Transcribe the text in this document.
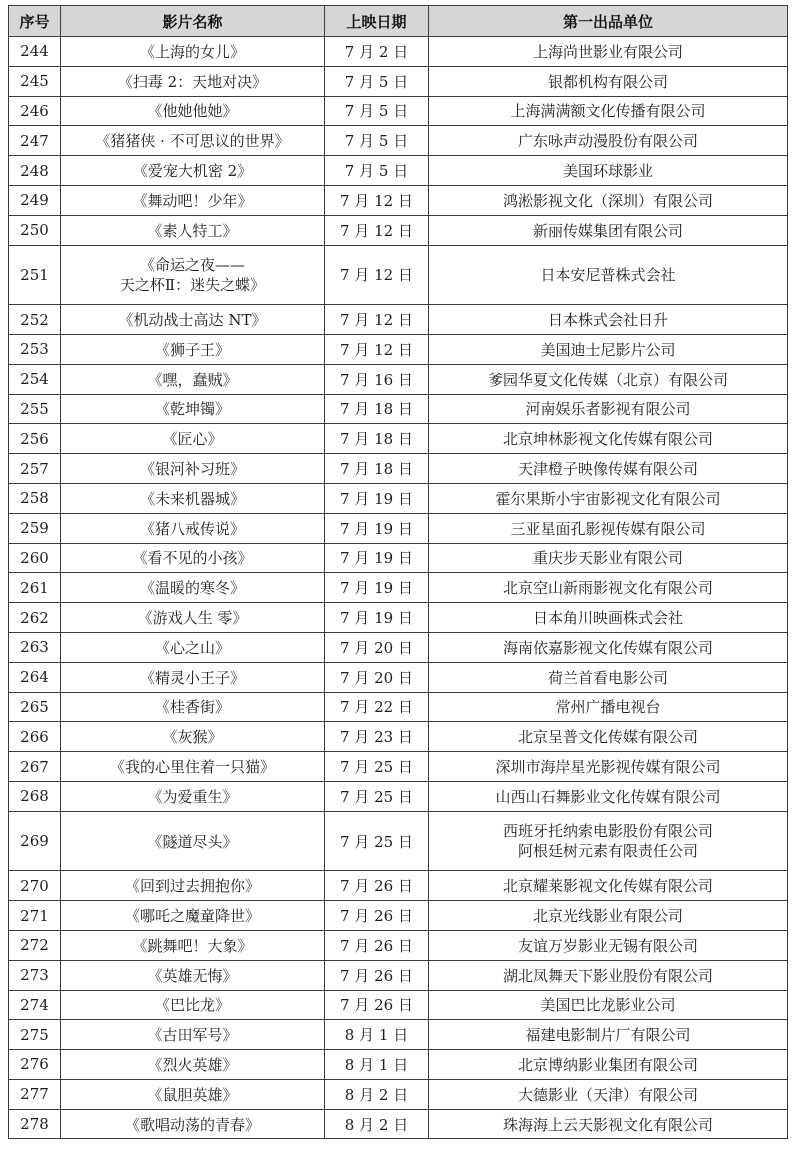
序号	影片名称	上映日期	第一出品单位
244	《上海的女儿》	7 月 2 日	上海尚世影业有限公司
245	《扫毒 2：天地对决》	7 月 5 日	银都机构有限公司
246	《他她他她》	7 月 5 日	上海满满额文化传播有限公司
247	《猪猪侠 · 不可思议的世界》	7 月 5 日	广东咏声动漫股份有限公司
248	《爱宠大机密 2》	7 月 5 日	美国环球影业
249	《舞动吧！少年》	7 月 12 日	鸿淞影视文化（深圳）有限公司
250	《素人特工》	7 月 12 日	新丽传媒集团有限公司
251	《命运之夜——
天之杯Ⅱ：迷失之蝶》	7 月 12 日	日本安尼普株式会社
252	《机动战士高达 NT》	7 月 12 日	日本株式会社日升
253	《狮子王》	7 月 12 日	美国迪士尼影片公司
254	《嘿，蠢贼》	7 月 16 日	爹园华夏文化传媒（北京）有限公司
255	《乾坤镯》	7 月 18 日	河南娱乐者影视有限公司
256	《匠心》	7 月 18 日	北京坤林影视文化传媒有限公司
257	《银河补习班》	7 月 18 日	天津橙子映像传媒有限公司
258	《未来机器城》	7 月 19 日	霍尔果斯小宇宙影视文化有限公司
259	《猪八戒传说》	7 月 19 日	三亚星面孔影视传媒有限公司
260	《看不见的小孩》	7 月 19 日	重庆步天影业有限公司
261	《温暖的寒冬》	7 月 19 日	北京空山新雨影视文化有限公司
262	《游戏人生 零》	7 月 19 日	日本角川映画株式会社
263	《心之山》	7 月 20 日	海南依嘉影视文化传媒有限公司
264	《精灵小王子》	7 月 20 日	荷兰首看电影公司
265	《桂香街》	7 月 22 日	常州广播电视台
266	《灰猴》	7 月 23 日	北京呈普文化传媒有限公司
267	《我的心里住着一只猫》	7 月 25 日	深圳市海岸星光影视传媒有限公司
268	《为爱重生》	7 月 25 日	山西山石舞影业文化传媒有限公司
269	《隧道尽头》	7 月 25 日	西班牙托纳索电影股份有限公司
阿根廷树元素有限责任公司

270	《回到过去拥抱你》	7 月 26 日	北京耀莱影视文化传媒有限公司
271	《哪吒之魔童降世》	7 月 26 日	北京光线影业有限公司
272	《跳舞吧！大象》	7 月 26 日	友谊万岁影业无锡有限公司
273	《英雄无悔》	7 月 26 日	湖北凤舞天下影业股份有限公司
274	《巴比龙》	7 月 26 日	美国巴比龙影业公司
275	《古田军号》	8 月 1 日	福建电影制片厂有限公司
276	《烈火英雄》	8 月 1 日	北京博纳影业集团有限公司
277	《鼠胆英雄》	8 月 2 日	大德影业（天津）有限公司
278	《歌唱动荡的青春》	8 月 2 日	珠海海上云天影视文化有限公司
